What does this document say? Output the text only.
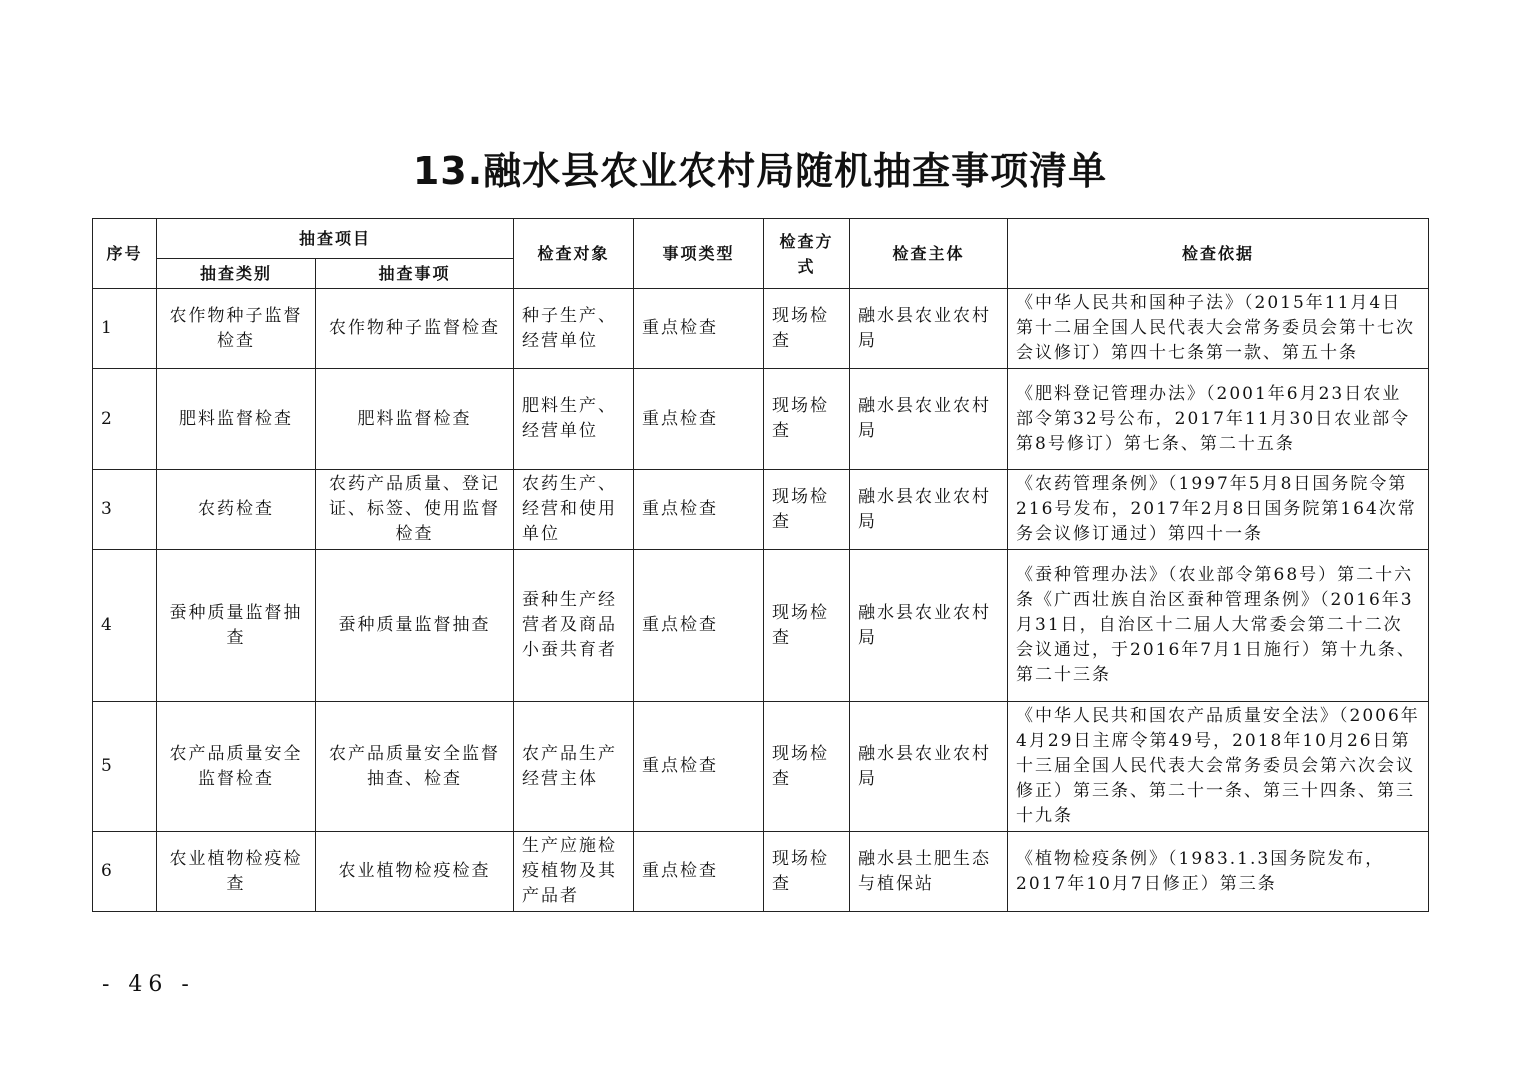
13.融水县农业农村局随机抽查事项清单
序号	抽查项目		检查对象	事项类型	检查方式	检查主体	检查依据
	抽查类别	抽查事项					
1	农作物种子监督检查	农作物种子监督检查	种子生产、经营单位	重点检查	现场检查	融水县农业农村局	《中华人民共和国种子法》（2015年11月4日第十二届全国人民代表大会常务委员会第十七次会议修订）第四十七条第一款、第五十条
2	肥料监督检查	肥料监督检查	肥料生产、经营单位	重点检查	现场检查	融水县农业农村局	《肥料登记管理办法》（2001年6月23日农业部令第32号公布，2017年11月30日农业部令第8号修订）第七条、第二十五条
3	农药检查	农药产品质量、登记证、标签、使用监督检查	农药生产、经营和使用单位	重点检查	现场检查	融水县农业农村局	《农药管理条例》（1997年5月8日国务院令第216号发布，2017年2月8日国务院第164次常务会议修订通过）第四十一条
4	蚕种质量监督抽查	蚕种质量监督抽查	蚕种生产经营者及商品小蚕共育者	重点检查	现场检查	融水县农业农村局	《蚕种管理办法》（农业部令第68号）第二十六条《广西壮族自治区蚕种管理条例》（2016年3月31日，自治区十二届人大常委会第二十二次会议通过，于2016年7月1日施行）第十九条、第二十三条
5	农产品质量安全监督检查	农产品质量安全监督抽查、检查	农产品生产经营主体	重点检查	现场检查	融水县农业农村局	《中华人民共和国农产品质量安全法》（2006年4月29日主席令第49号，2018年10月26日第十三届全国人民代表大会常务委员会第六次会议修正）第三条、第二十一条、第三十四条、第三十九条
6	农业植物检疫检查	农业植物检疫检查	生产应施检疫植物及其产品者	重点检查	现场检查	融水县土肥生态与植保站	《植物检疫条例》（1983.1.3国务院发布，2017年10月7日修正）第三条
- 46 -
